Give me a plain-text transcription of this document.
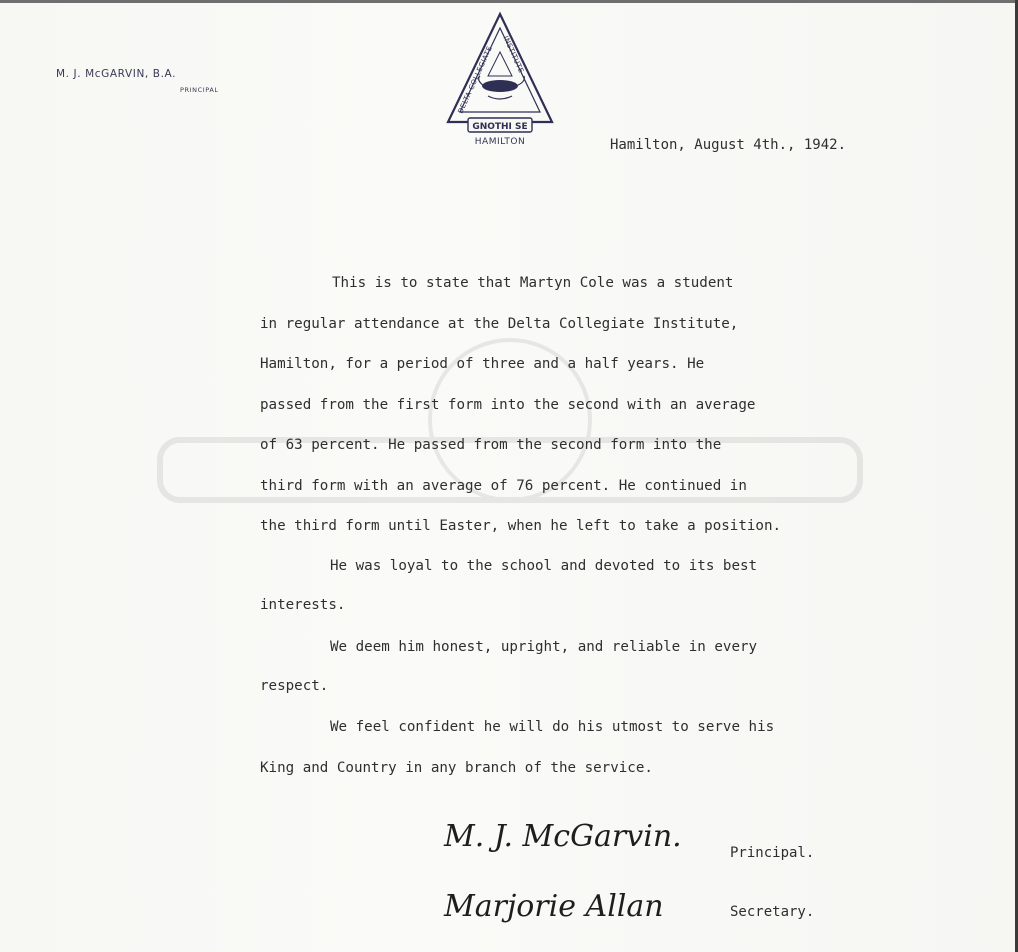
M. J. McGARVIN, B.A.
PRINCIPAL
DELTA COLLEGIATE
INSTITUTE
GNOTHI SE
HAMILTON	Hamilton, August 4th., 1942.
This is to state that Martyn Cole was a student
in regular attendance at the Delta Collegiate Institute,
Hamilton, for a period of three and a half years. He
passed from the first form into the second with an average
of 63 percent. He passed from the second form into the
third form with an average of 76 percent. He continued in
the third form until Easter, when he left to take a position.
He was loyal to the school and devoted to its best
interests.
We deem him honest, upright, and reliable in every
respect.
We feel confident he will do his utmost to serve his
King and Country in any branch of the service.
M. J. McGarvin.	Principal.
Marjorie Allan	Secretary.
